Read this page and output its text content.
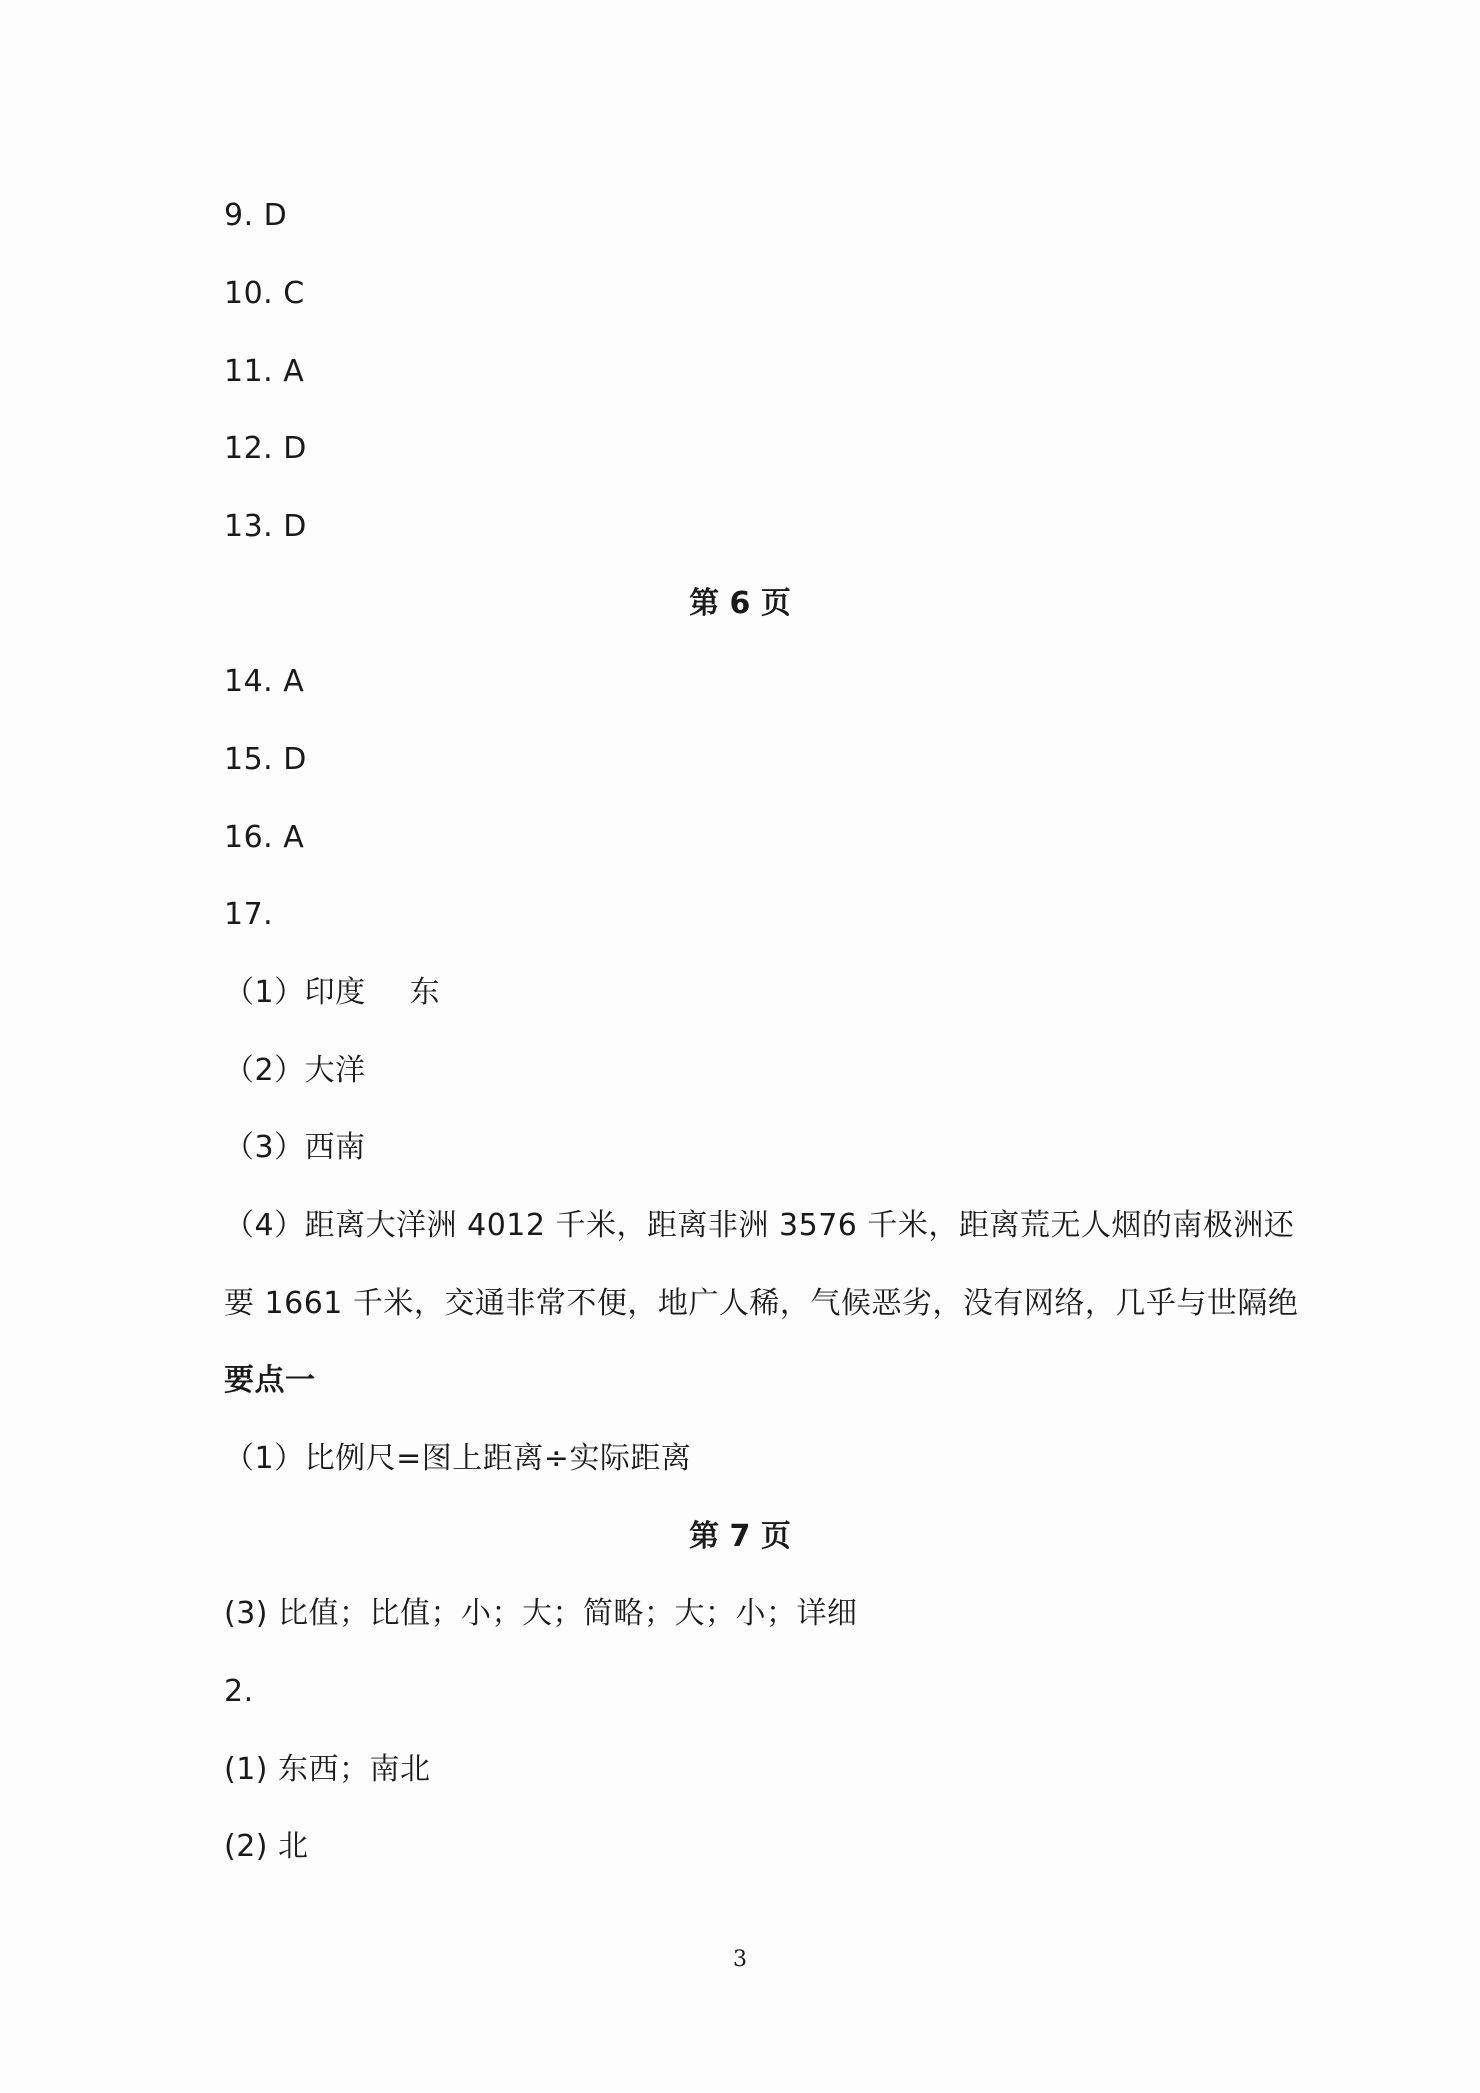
9. D
10. C
11. A
12. D
13. D
第 6 页
14. A
15. D
16. A
17.
（1）印度 东
（2）大洋
（3）西南
（4）距离大洋洲 4012 千米，距离非洲 3576 千米，距离荒无人烟的南极洲还
要 1661 千米，交通非常不便，地广人稀，气候恶劣，没有网络，几乎与世隔绝
要点一
（1）比例尺=图上距离÷实际距离
第 7 页
(3) 比值；比值；小；大；简略；大；小；详细
2.
(1) 东西；南北
(2) 北
3
